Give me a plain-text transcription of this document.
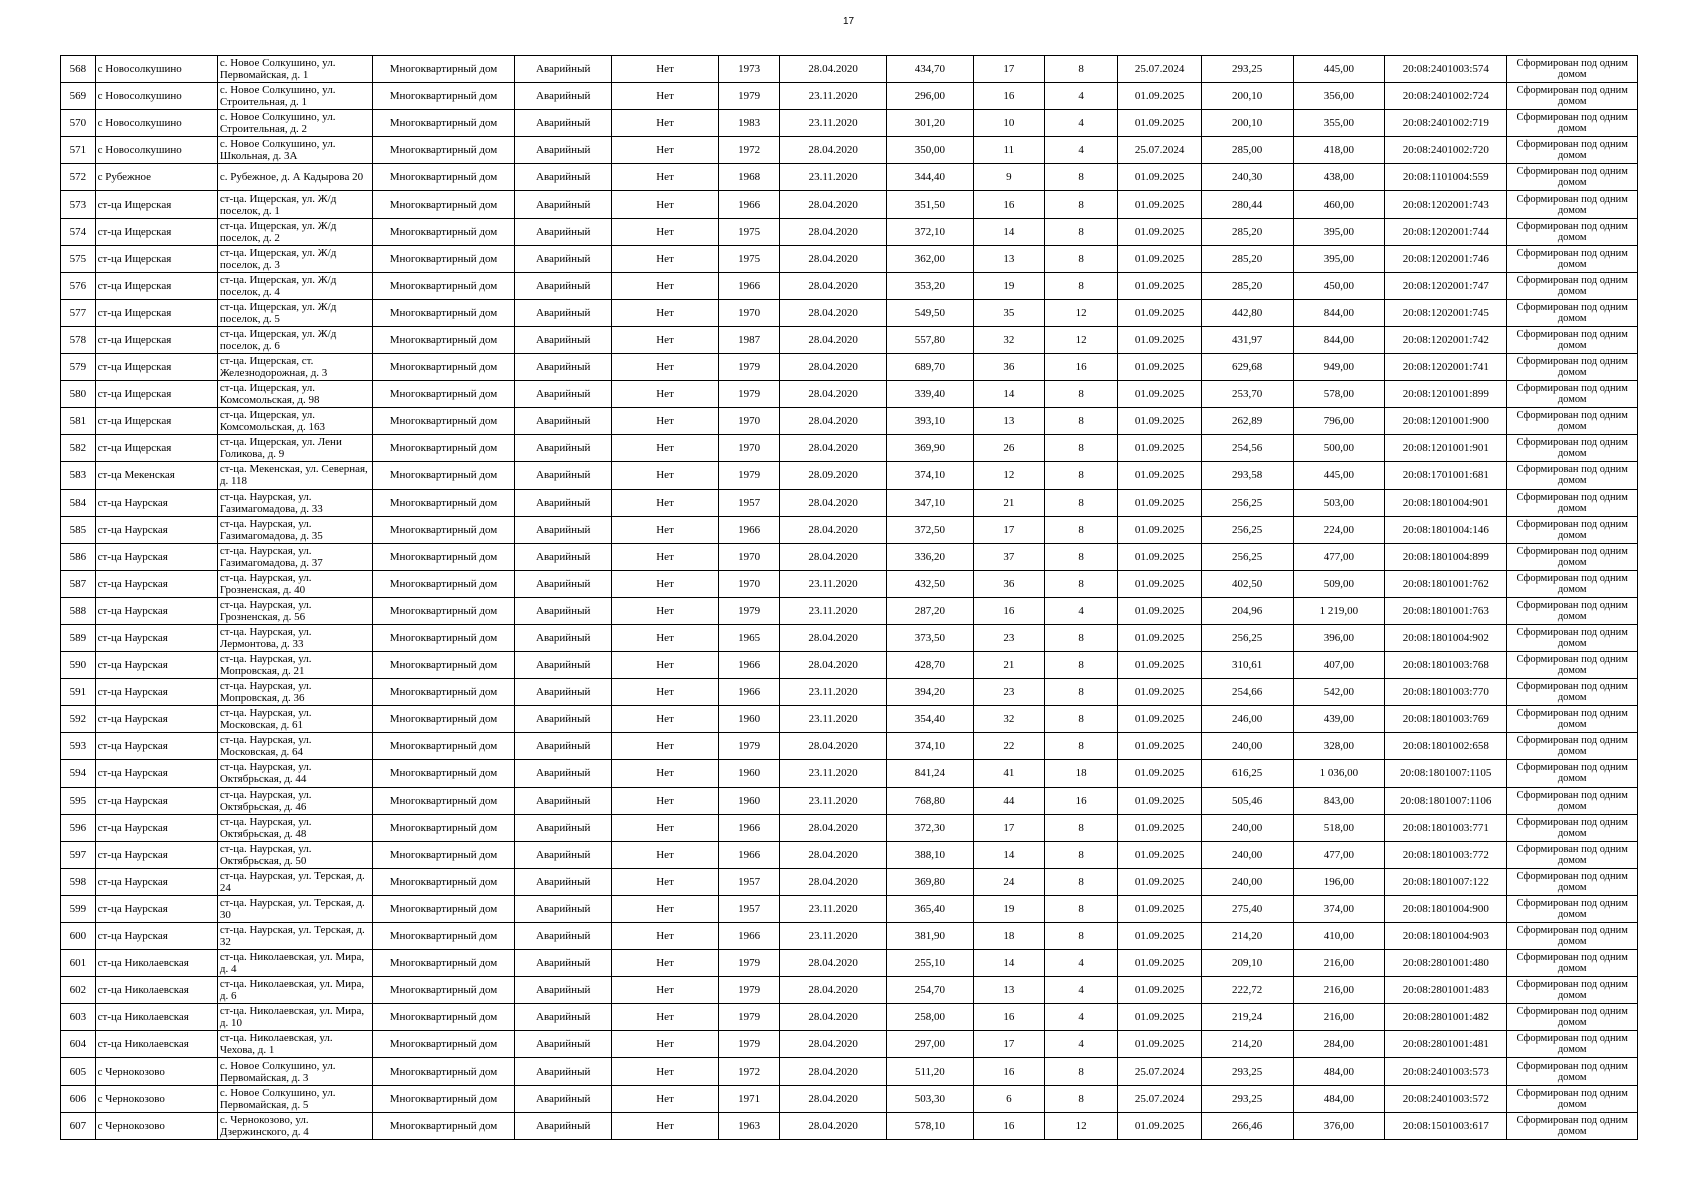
17
568	с Новосолкушино	с. Новое Солкушино, ул. Первомайская, д. 1	Многоквартирный дом	Аварийный	Нет	1973	28.04.2020	434,70	17	8	25.07.2024	293,25	445,00	20:08:2401003:574	Сформирован под одним домом
569	с Новосолкушино	с. Новое Солкушино, ул. Строительная, д. 1	Многоквартирный дом	Аварийный	Нет	1979	23.11.2020	296,00	16	4	01.09.2025	200,10	356,00	20:08:2401002:724	Сформирован под одним домом
570	с Новосолкушино	с. Новое Солкушино, ул. Строительная, д. 2	Многоквартирный дом	Аварийный	Нет	1983	23.11.2020	301,20	10	4	01.09.2025	200,10	355,00	20:08:2401002:719	Сформирован под одним домом
571	с Новосолкушино	с. Новое Солкушино, ул. Школьная, д. 3А	Многоквартирный дом	Аварийный	Нет	1972	28.04.2020	350,00	11	4	25.07.2024	285,00	418,00	20:08:2401002:720	Сформирован под одним домом
572	с Рубежное	с. Рубежное, д. А Кадырова 20	Многоквартирный дом	Аварийный	Нет	1968	23.11.2020	344,40	9	8	01.09.2025	240,30	438,00	20:08:1101004:559	Сформирован под одним домом
573	ст-ца Ищерская	ст-ца. Ищерская, ул. Ж/д поселок, д. 1	Многоквартирный дом	Аварийный	Нет	1966	28.04.2020	351,50	16	8	01.09.2025	280,44	460,00	20:08:1202001:743	Сформирован под одним домом
574	ст-ца Ищерская	ст-ца. Ищерская, ул. Ж/д поселок, д. 2	Многоквартирный дом	Аварийный	Нет	1975	28.04.2020	372,10	14	8	01.09.2025	285,20	395,00	20:08:1202001:744	Сформирован под одним домом
575	ст-ца Ищерская	ст-ца. Ищерская, ул. Ж/д поселок, д. 3	Многоквартирный дом	Аварийный	Нет	1975	28.04.2020	362,00	13	8	01.09.2025	285,20	395,00	20:08:1202001:746	Сформирован под одним домом
576	ст-ца Ищерская	ст-ца. Ищерская, ул. Ж/д поселок, д. 4	Многоквартирный дом	Аварийный	Нет	1966	28.04.2020	353,20	19	8	01.09.2025	285,20	450,00	20:08:1202001:747	Сформирован под одним домом
577	ст-ца Ищерская	ст-ца. Ищерская, ул. Ж/д поселок, д. 5	Многоквартирный дом	Аварийный	Нет	1970	28.04.2020	549,50	35	12	01.09.2025	442,80	844,00	20:08:1202001:745	Сформирован под одним домом
578	ст-ца Ищерская	ст-ца. Ищерская, ул. Ж/д поселок, д. 6	Многоквартирный дом	Аварийный	Нет	1987	28.04.2020	557,80	32	12	01.09.2025	431,97	844,00	20:08:1202001:742	Сформирован под одним домом
579	ст-ца Ищерская	ст-ца. Ищерская, ст. Железнодорожная, д. 3	Многоквартирный дом	Аварийный	Нет	1979	28.04.2020	689,70	36	16	01.09.2025	629,68	949,00	20:08:1202001:741	Сформирован под одним домом
580	ст-ца Ищерская	ст-ца. Ищерская, ул. Комсомольская, д. 98	Многоквартирный дом	Аварийный	Нет	1979	28.04.2020	339,40	14	8	01.09.2025	253,70	578,00	20:08:1201001:899	Сформирован под одним домом
581	ст-ца Ищерская	ст-ца. Ищерская, ул. Комсомольская, д. 163	Многоквартирный дом	Аварийный	Нет	1970	28.04.2020	393,10	13	8	01.09.2025	262,89	796,00	20:08:1201001:900	Сформирован под одним домом
582	ст-ца Ищерская	ст-ца. Ищерская, ул. Лени Голикова, д. 9	Многоквартирный дом	Аварийный	Нет	1970	28.04.2020	369,90	26	8	01.09.2025	254,56	500,00	20:08:1201001:901	Сформирован под одним домом
583	ст-ца Мекенская	ст-ца. Мекенская, ул. Северная, д. 118	Многоквартирный дом	Аварийный	Нет	1979	28.09.2020	374,10	12	8	01.09.2025	293,58	445,00	20:08:1701001:681	Сформирован под одним домом
584	ст-ца Наурская	ст-ца. Наурская, ул. Газимагомадова, д. 33	Многоквартирный дом	Аварийный	Нет	1957	28.04.2020	347,10	21	8	01.09.2025	256,25	503,00	20:08:1801004:901	Сформирован под одним домом
585	ст-ца Наурская	ст-ца. Наурская, ул. Газимагомадова, д. 35	Многоквартирный дом	Аварийный	Нет	1966	28.04.2020	372,50	17	8	01.09.2025	256,25	224,00	20:08:1801004:146	Сформирован под одним домом
586	ст-ца Наурская	ст-ца. Наурская, ул. Газимагомадова, д. 37	Многоквартирный дом	Аварийный	Нет	1970	28.04.2020	336,20	37	8	01.09.2025	256,25	477,00	20:08:1801004:899	Сформирован под одним домом
587	ст-ца Наурская	ст-ца. Наурская, ул. Грозненская, д. 40	Многоквартирный дом	Аварийный	Нет	1970	23.11.2020	432,50	36	8	01.09.2025	402,50	509,00	20:08:1801001:762	Сформирован под одним домом
588	ст-ца Наурская	ст-ца. Наурская, ул. Грозненская, д. 56	Многоквартирный дом	Аварийный	Нет	1979	23.11.2020	287,20	16	4	01.09.2025	204,96	1 219,00	20:08:1801001:763	Сформирован под одним домом
589	ст-ца Наурская	ст-ца. Наурская, ул. Лермонтова, д. 33	Многоквартирный дом	Аварийный	Нет	1965	28.04.2020	373,50	23	8	01.09.2025	256,25	396,00	20:08:1801004:902	Сформирован под одним домом
590	ст-ца Наурская	ст-ца. Наурская, ул. Мопровская, д. 21	Многоквартирный дом	Аварийный	Нет	1966	28.04.2020	428,70	21	8	01.09.2025	310,61	407,00	20:08:1801003:768	Сформирован под одним домом
591	ст-ца Наурская	ст-ца. Наурская, ул. Мопровская, д. 36	Многоквартирный дом	Аварийный	Нет	1966	23.11.2020	394,20	23	8	01.09.2025	254,66	542,00	20:08:1801003:770	Сформирован под одним домом
592	ст-ца Наурская	ст-ца. Наурская, ул. Московская, д. 61	Многоквартирный дом	Аварийный	Нет	1960	23.11.2020	354,40	32	8	01.09.2025	246,00	439,00	20:08:1801003:769	Сформирован под одним домом
593	ст-ца Наурская	ст-ца. Наурская, ул. Московская, д. 64	Многоквартирный дом	Аварийный	Нет	1979	28.04.2020	374,10	22	8	01.09.2025	240,00	328,00	20:08:1801002:658	Сформирован под одним домом
594	ст-ца Наурская	ст-ца. Наурская, ул. Октябрьская, д. 44	Многоквартирный дом	Аварийный	Нет	1960	23.11.2020	841,24	41	18	01.09.2025	616,25	1 036,00	20:08:1801007:1105	Сформирован под одним домом
595	ст-ца Наурская	ст-ца. Наурская, ул. Октябрьская, д. 46	Многоквартирный дом	Аварийный	Нет	1960	23.11.2020	768,80	44	16	01.09.2025	505,46	843,00	20:08:1801007:1106	Сформирован под одним домом
596	ст-ца Наурская	ст-ца. Наурская, ул. Октябрьская, д. 48	Многоквартирный дом	Аварийный	Нет	1966	28.04.2020	372,30	17	8	01.09.2025	240,00	518,00	20:08:1801003:771	Сформирован под одним домом
597	ст-ца Наурская	ст-ца. Наурская, ул. Октябрьская, д. 50	Многоквартирный дом	Аварийный	Нет	1966	28.04.2020	388,10	14	8	01.09.2025	240,00	477,00	20:08:1801003:772	Сформирован под одним домом
598	ст-ца Наурская	ст-ца. Наурская, ул. Терская, д. 24	Многоквартирный дом	Аварийный	Нет	1957	28.04.2020	369,80	24	8	01.09.2025	240,00	196,00	20:08:1801007:122	Сформирован под одним домом
599	ст-ца Наурская	ст-ца. Наурская, ул. Терская, д. 30	Многоквартирный дом	Аварийный	Нет	1957	23.11.2020	365,40	19	8	01.09.2025	275,40	374,00	20:08:1801004:900	Сформирован под одним домом
600	ст-ца Наурская	ст-ца. Наурская, ул. Терская, д. 32	Многоквартирный дом	Аварийный	Нет	1966	23.11.2020	381,90	18	8	01.09.2025	214,20	410,00	20:08:1801004:903	Сформирован под одним домом
601	ст-ца Николаевская	ст-ца. Николаевская, ул. Мира, д. 4	Многоквартирный дом	Аварийный	Нет	1979	28.04.2020	255,10	14	4	01.09.2025	209,10	216,00	20:08:2801001:480	Сформирован под одним домом
602	ст-ца Николаевская	ст-ца. Николаевская, ул. Мира, д. 6	Многоквартирный дом	Аварийный	Нет	1979	28.04.2020	254,70	13	4	01.09.2025	222,72	216,00	20:08:2801001:483	Сформирован под одним домом
603	ст-ца Николаевская	ст-ца. Николаевская, ул. Мира, д. 10	Многоквартирный дом	Аварийный	Нет	1979	28.04.2020	258,00	16	4	01.09.2025	219,24	216,00	20:08:2801001:482	Сформирован под одним домом
604	ст-ца Николаевская	ст-ца. Николаевская, ул. Чехова, д. 1	Многоквартирный дом	Аварийный	Нет	1979	28.04.2020	297,00	17	4	01.09.2025	214,20	284,00	20:08:2801001:481	Сформирован под одним домом
605	с Чернокозово	с. Новое Солкушино, ул. Первомайская, д. 3	Многоквартирный дом	Аварийный	Нет	1972	28.04.2020	511,20	16	8	25.07.2024	293,25	484,00	20:08:2401003:573	Сформирован под одним домом
606	с Чернокозово	с. Новое Солкушино, ул. Первомайская, д. 5	Многоквартирный дом	Аварийный	Нет	1971	28.04.2020	503,30	6	8	25.07.2024	293,25	484,00	20:08:2401003:572	Сформирован под одним домом
607	с Чернокозово	с. Чернокозово, ул. Дзержинского, д. 4	Многоквартирный дом	Аварийный	Нет	1963	28.04.2020	578,10	16	12	01.09.2025	266,46	376,00	20:08:1501003:617	Сформирован под одним домом
